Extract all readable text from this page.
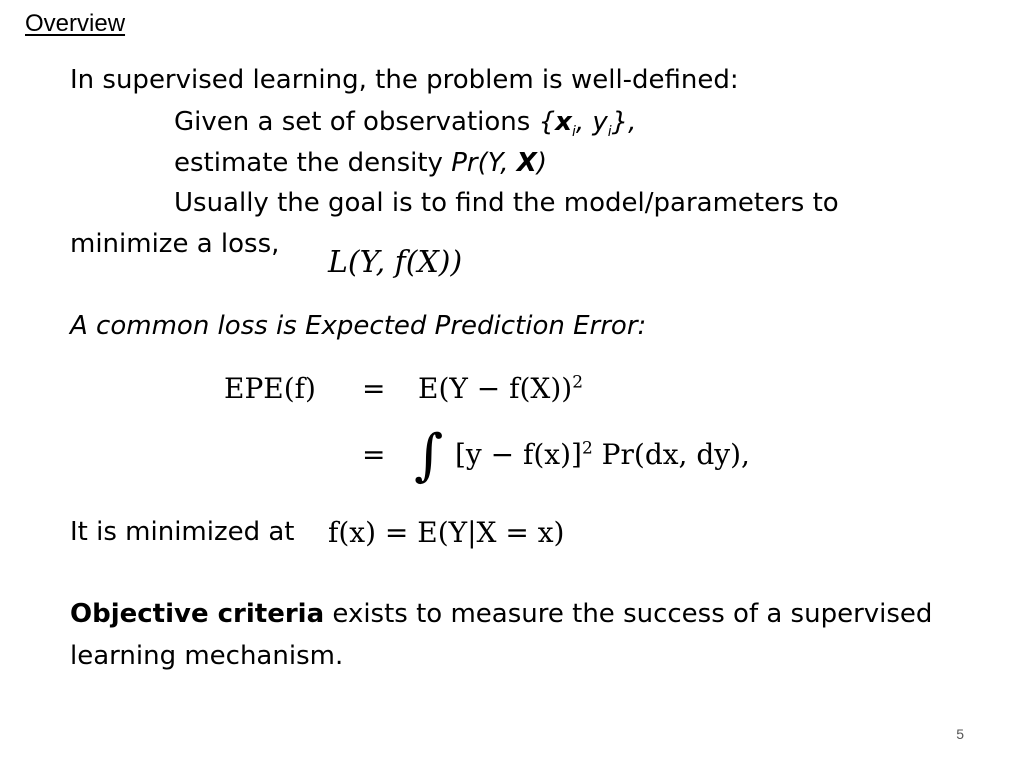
Overview
In supervised learning, the problem is well-defined:
Given a set of observations {$x_i$, $y_i$},
estimate the density Pr(Y, X)
Usually the goal is to find the model/parameters to
minimize a loss,
L(Y, f(X))
A common loss is Expected Prediction Error:
$EPE(f) = E(Y - f(X))^2$
= ∫ $[y - f(x)]^2$ Pr(dx, dy),
It is minimized at f(x) = E(Y|X = x)
Objective criteria exists to measure the success of a supervised
learning mechanism.
5
